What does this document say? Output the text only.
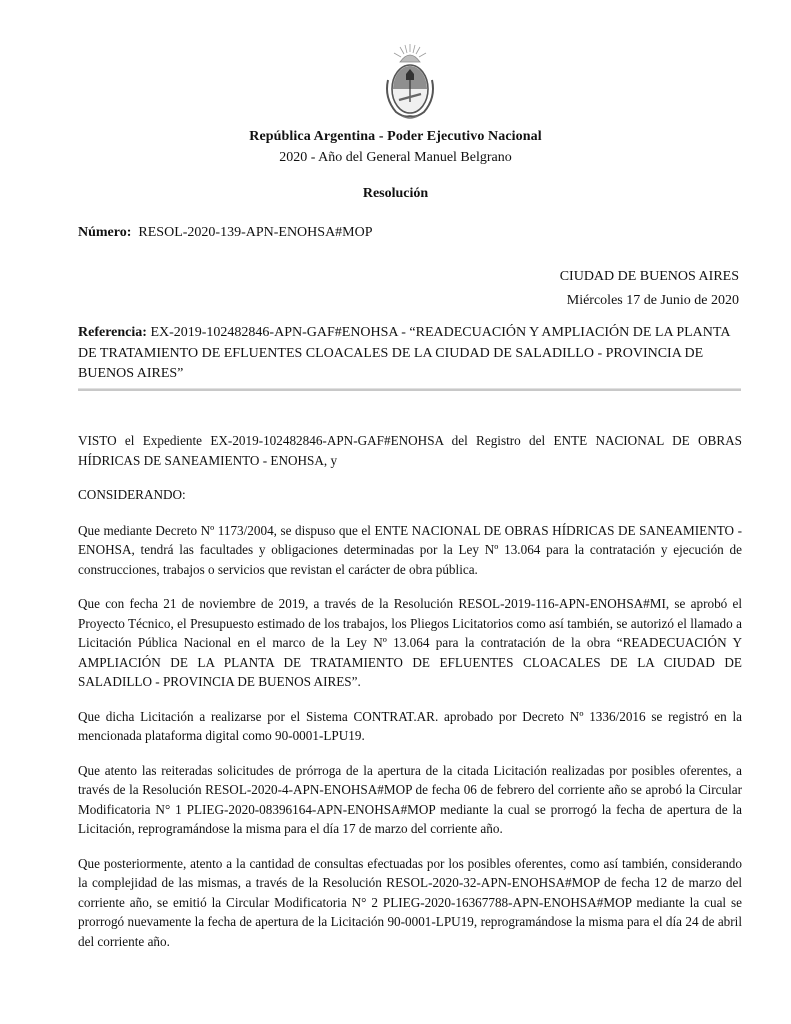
República Argentina - Poder Ejecutivo Nacional
2020 - Año del General Manuel Belgrano
Resolución
Número: RESOL-2020-139-APN-ENOHSA#MOP
CIUDAD DE BUENOS AIRES
Miércoles 17 de Junio de 2020
Referencia: EX-2019-102482846-APN-GAF#ENOHSA - “READECUACIÓN Y AMPLIACIÓN DE LA PLANTA DE TRATAMIENTO DE EFLUENTES CLOACALES DE LA CIUDAD DE SALADILLO - PROVINCIA DE BUENOS AIRES”

VISTO el Expediente EX-2019-102482846-APN-GAF#ENOHSA del Registro del ENTE NACIONAL DE OBRAS HÍDRICAS DE SANEAMIENTO - ENOHSA, y

CONSIDERANDO:

Que mediante Decreto Nº 1173/2004, se dispuso que el ENTE NACIONAL DE OBRAS HÍDRICAS DE SANEAMIENTO - ENOHSA, tendrá las facultades y obligaciones determinadas por la Ley Nº 13.064 para la contratación y ejecución de construcciones, trabajos o servicios que revistan el carácter de obra pública.

Que con fecha 21 de noviembre de 2019, a través de la Resolución RESOL-2019-116-APN-ENOHSA#MI, se aprobó el Proyecto Técnico, el Presupuesto estimado de los trabajos, los Pliegos Licitatorios como así también, se autorizó el llamado a Licitación Pública Nacional en el marco de la Ley Nº 13.064 para la contratación de la obra “READECUACIÓN Y AMPLIACIÓN DE LA PLANTA DE TRATAMIENTO DE EFLUENTES CLOACALES DE LA CIUDAD DE SALADILLO - PROVINCIA DE BUENOS AIRES”.

Que dicha Licitación a realizarse por el Sistema CONTRAT.AR. aprobado por Decreto Nº 1336/2016 se registró en la mencionada plataforma digital como 90-0001-LPU19.

Que atento las reiteradas solicitudes de prórroga de la apertura de la citada Licitación realizadas por posibles oferentes, a través de la Resolución RESOL-2020-4-APN-ENOHSA#MOP de fecha 06 de febrero del corriente año se aprobó la Circular Modificatoria N° 1 PLIEG-2020-08396164-APN-ENOHSA#MOP mediante la cual se prorrogó la fecha de apertura de la Licitación, reprogramándose la misma para el día 17 de marzo del corriente año.

Que posteriormente, atento a la cantidad de consultas efectuadas por los posibles oferentes, como así también, considerando la complejidad de las mismas, a través de la Resolución RESOL-2020-32-APN-ENOHSA#MOP de fecha 12 de marzo del corriente año, se emitió la Circular Modificatoria N° 2 PLIEG-2020-16367788-APN-ENOHSA#MOP mediante la cual se prorrogó nuevamente la fecha de apertura de la Licitación 90-0001-LPU19, reprogramándose la misma para el día 24 de abril del corriente año.
